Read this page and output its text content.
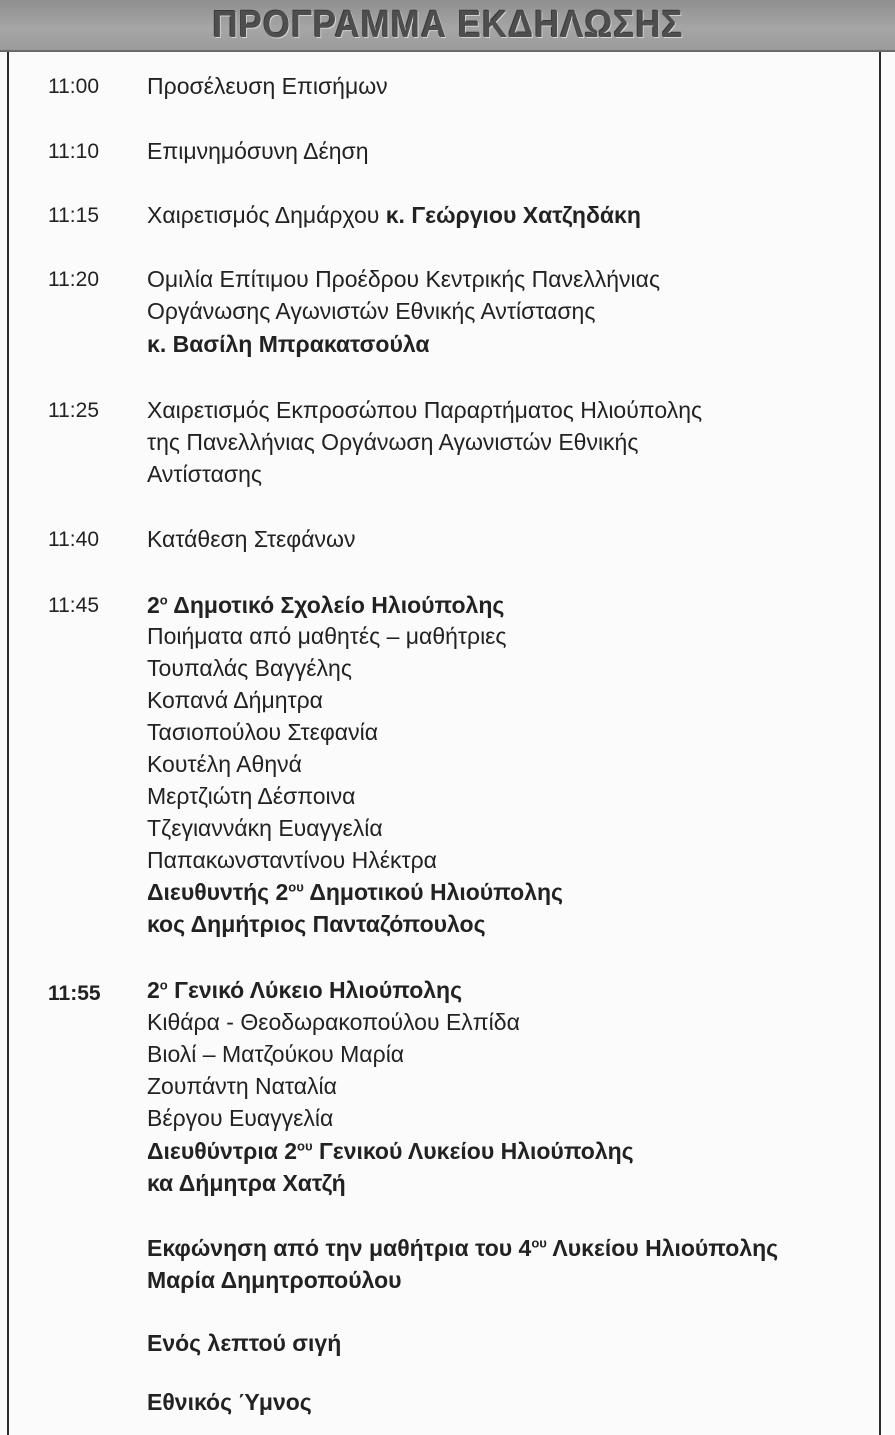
ΠΡΟΓΡΑΜΜΑ ΕΚΔΗΛΩΣΗΣ
11:00 Προσέλευση Επισήμων
11:10 Επιμνημόσυνη Δέηση
11:15 Χαιρετισμός Δημάρχου κ. Γεώργιου Χατζηδάκη
11:20 Ομιλία Επίτιμου Προέδρου Κεντρικής Πανελλήνιας
Οργάνωσης Αγωνιστών Εθνικής Αντίστασης
κ. Βασίλη Μπρακατσούλα
11:25 Χαιρετισμός Εκπροσώπου Παραρτήματος Ηλιούπολης
της Πανελλήνιας Οργάνωση Αγωνιστών Εθνικής
Αντίστασης
11:40 Κατάθεση Στεφάνων
11:45 $2^o$ Δημοτικό Σχολείο Ηλιούπολης
Ποιήματα από μαθητές – μαθήτριες
Τουπαλάς Βαγγέλης
Κοπανά Δήμητρα
Τασιοπούλου Στεφανία
Κουτέλη Αθηνά
Μερτζιώτη Δέσποινα
Τζεγιαννάκη Ευαγγελία
Παπακωνσταντίνου Ηλέκτρα
Διευθυντής $2^{o\upsilon}$ Δημοτικού Ηλιούπολης
κος Δημήτριος Πανταζόπουλος
11:55 $2^o$ Γενικό Λύκειο Ηλιούπολης
Κιθάρα - Θεοδωρακοπούλου Ελπίδα
Βιολί – Ματζούκου Μαρία
Ζουπάντη Ναταλία
Βέργου Ευαγγελία
Διευθύντρια $2^{o\upsilon}$ Γενικού Λυκείου Ηλιούπολης
κα Δήμητρα Χατζή
Εκφώνηση από την μαθήτρια του $4^{o\upsilon}$ Λυκείου Ηλιούπολης
Μαρία Δημητροπούλου
Ενός λεπτού σιγή
Εθνικός Ύμνος
